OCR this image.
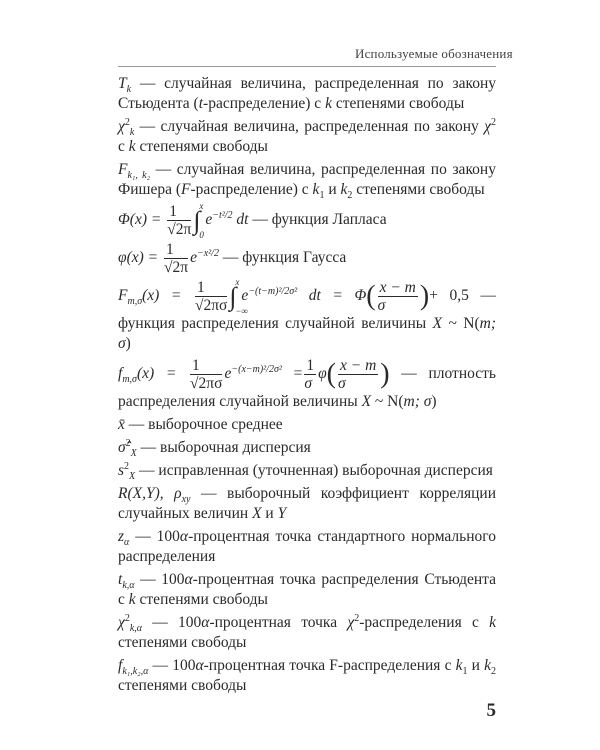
Используемые обозначения
$T_k$ — случайная величина, распределенная по закону Стьюдента (t-распределение) с k степенями свободы
$\chi^2_k$ — случайная величина, распределенная по закону $\chi^2$ с k степенями свободы
$F_{k_1, k_2}$ — случайная величина, распределенная по закону Фишера (F-распределение) с $k_1$ и $k_2$ степенями свободы
$\Phi(x) = \frac{1}{√2\pi}$ ∫
x
0
$e^{-t^2/2}$ dt — функция Лапласа
$\varphi(x) = \frac{1}{√2\pi} e^{-x^2/2}$ — функция Гаусса
$F_{m,\sigma}(x) = \frac{1}{√2\pi\sigma}$ ∫
x
−∞
$e^{-(t-m)^2/2\sigma^2}$ dt = $\Phi( \frac{x - m}{\sigma}$ )+ 0,5 — функция распределения случайной величины X ~ N(m; σ)
$f_{m,\sigma}(x) = \frac{1}{√2\pi\sigma} e^{-(x-m)^2/2\sigma^2} = \frac{1}{\sigma} \varphi( \frac{x - m}{\sigma}$ ) — плотность распределения случайной величины X ~ N(m; σ)
x̄ — выборочное среднее
σ̂$^2_X$ — выборочная дисперсия
$s^2_X$ — исправленная (уточненная) выборочная дисперсия
R(X,Y), $\rho_{xy}$ — выборочный коэффициент корреляции случайных величин X и Y
$z_\alpha$ — 100α-процентная точка стандартного нормального распределения
$t_{k,\alpha}$ — 100α-процентная точка распределения Стьюдента с k степенями свободы
$\chi^2_{k,\alpha}$ — 100α-процентная точка $\chi^2$-распределения с k степенями свободы
$f_{k_1,k_2,\alpha}$ — 100α-процентная точка F-распределения с $k_1$ и $k_2$ степенями свободы
5
